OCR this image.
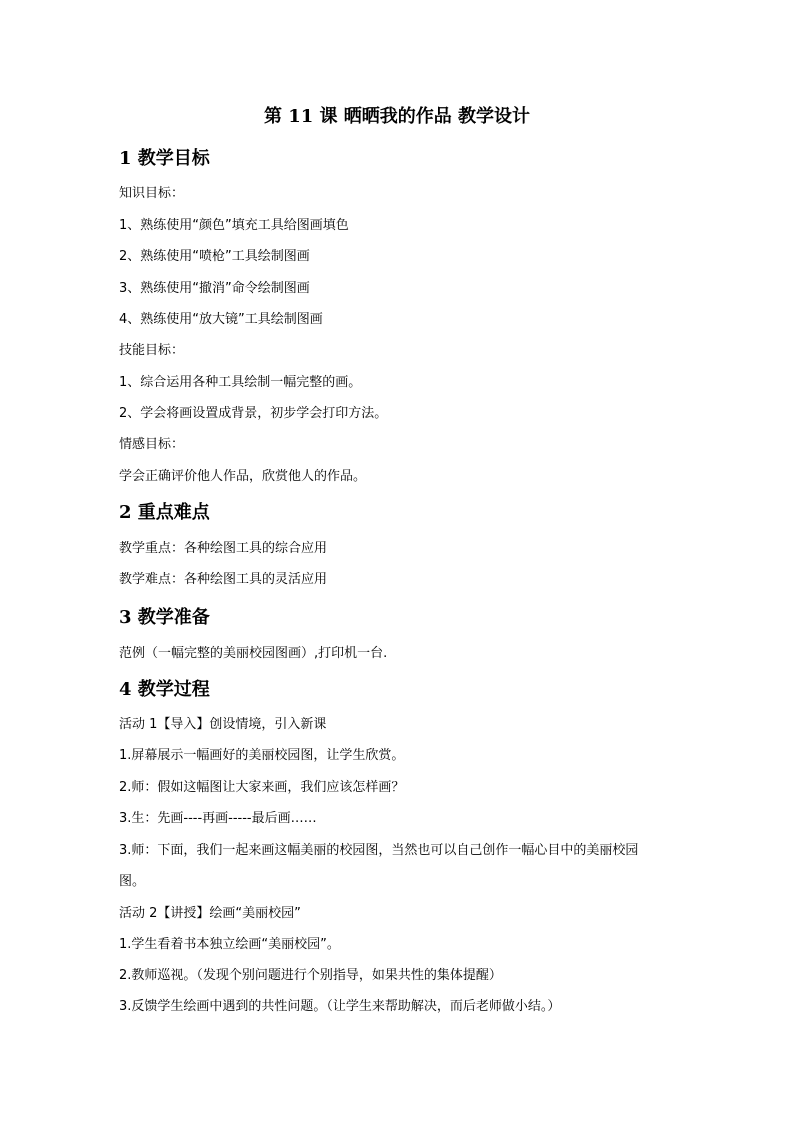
第 11 课 晒晒我的作品 教学设计
1 教学目标
知识目标：
1、熟练使用“颜色”填充工具给图画填色
2、熟练使用“喷枪”工具绘制图画
3、熟练使用“撤消”命令绘制图画
4、熟练使用“放大镜”工具绘制图画
技能目标：
1、综合运用各种工具绘制一幅完整的画。
2、学会将画设置成背景，初步学会打印方法。
情感目标：
学会正确评价他人作品，欣赏他人的作品。
2 重点难点
教学重点：各种绘图工具的综合应用
教学难点：各种绘图工具的灵活应用
3 教学准备
范例（一幅完整的美丽校园图画）,打印机一台.
4 教学过程
活动 1【导入】创设情境，引入新课
1.屏幕展示一幅画好的美丽校园图，让学生欣赏。
2.师：假如这幅图让大家来画，我们应该怎样画？
3.生：先画----再画-----最后画……
3.师：下面，我们一起来画这幅美丽的校园图，当然也可以自己创作一幅心目中的美丽校园
图。
活动 2【讲授】绘画“美丽校园”
1.学生看着书本独立绘画“美丽校园”。
2.教师巡视。（发现个别问题进行个别指导，如果共性的集体提醒）
3.反馈学生绘画中遇到的共性问题。（让学生来帮助解决，而后老师做小结。）
